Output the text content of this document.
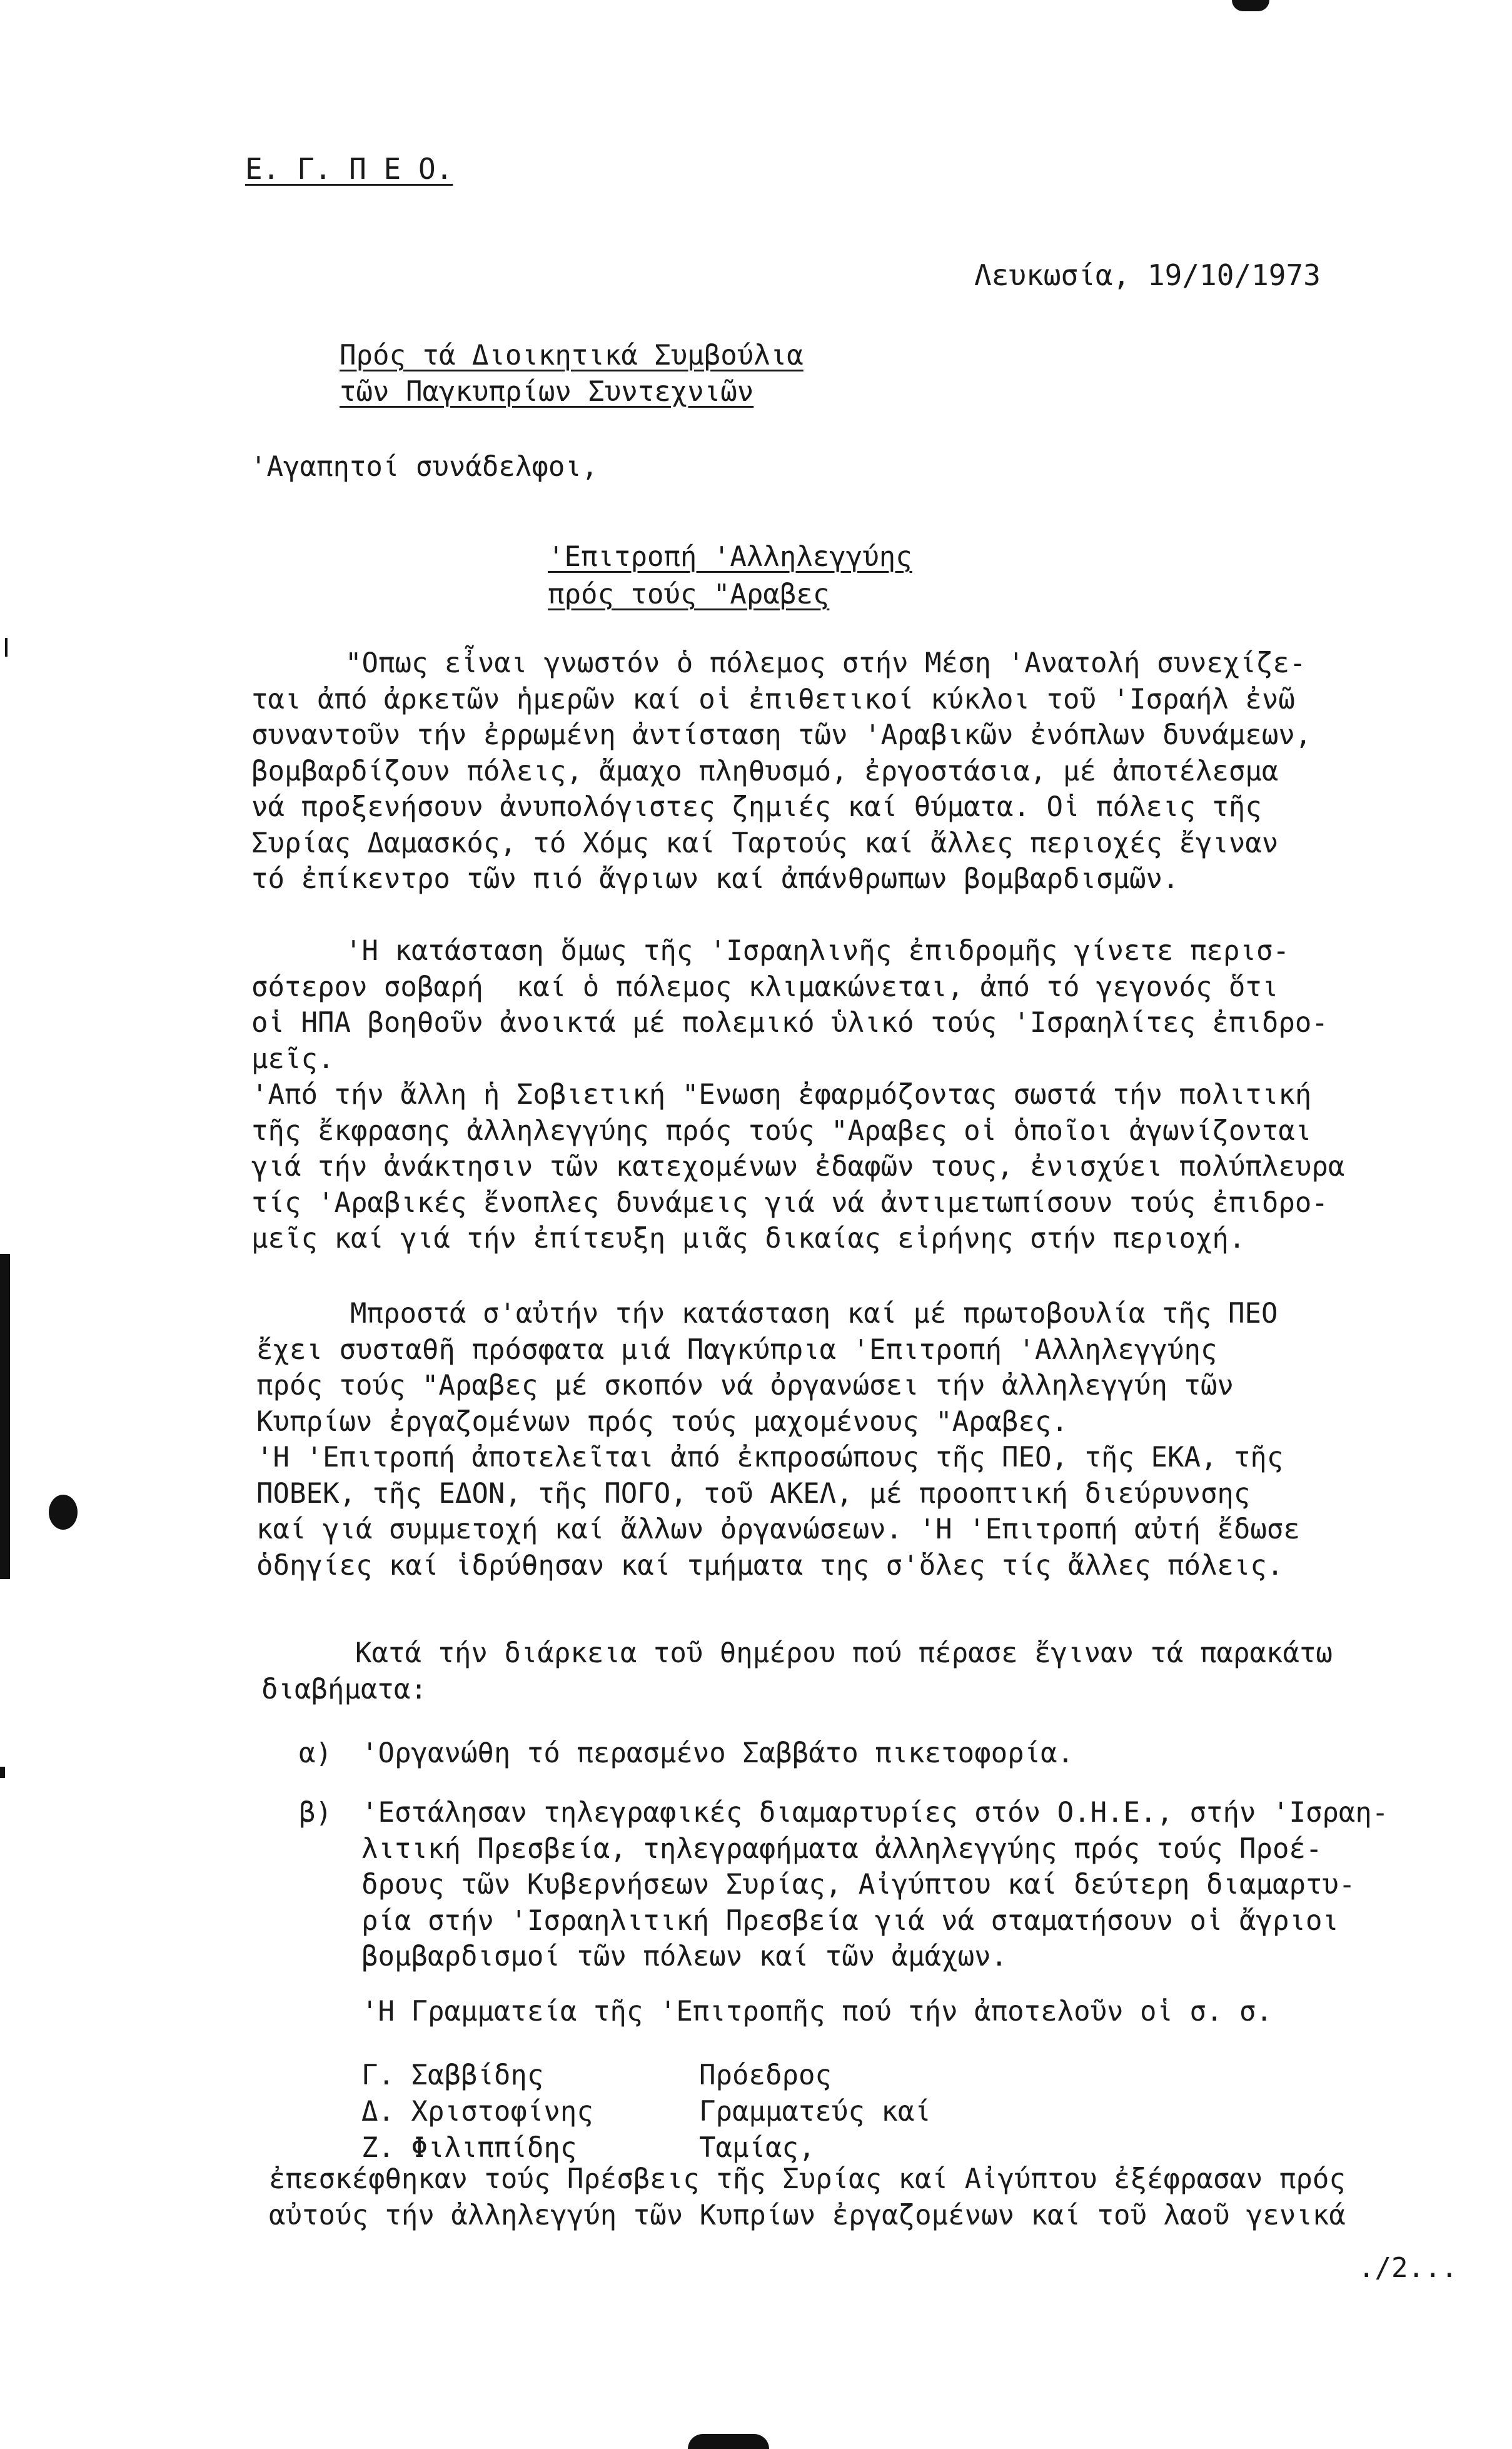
Ε. Γ. Π Ε Ο.
Λευκωσία, 19/10/1973
Πρός τά Διοικητικά Συμβούλια
τῶν Παγκυπρίων Συντεχνιῶν
'Αγαπητοί συνάδελφοι,
'Επιτροπή 'Αλληλεγγύης
πρός τούς "Αραβες
"Οπως εἶναι γνωστόν ὁ πόλεμος στήν Μέση 'Ανατολή συνεχίζε-
ται ἀπό ἀρκετῶν ἡμερῶν καί οἱ ἐπιθετικοί κύκλοι τοῦ 'Ισραήλ ἐνῶ
συναντοῦν τήν ἐρρωμένη ἀντίσταση τῶν 'Αραβικῶν ἐνόπλων δυνάμεων,
βομβαρδίζουν πόλεις, ἄμαχο πληθυσμό, ἐργοστάσια, μέ ἀποτέλεσμα
νά προξενήσουν ἀνυπολόγιστες ζημιές καί θύματα. Οἱ πόλεις τῆς
Συρίας Δαμασκός, τό Χόμς καί Ταρτούς καί ἄλλες περιοχές ἔγιναν
τό ἐπίκεντρο τῶν πιό ἄγριων καί ἀπάνθρωπων βομβαρδισμῶν.
'Η κατάσταση ὅμως τῆς 'Ισραηλινῆς ἐπιδρομῆς γίνετε περισ-
σότερον σοβαρή  καί ὁ πόλεμος κλιμακώνεται, ἀπό τό γεγονός ὅτι
οἱ ΗΠΑ βοηθοῦν ἀνοικτά μέ πολεμικό ὑλικό τούς 'Ισραηλίτες ἐπιδρο-
μεῖς.
'Από τήν ἄλλη ἡ Σοβιετική "Ενωση ἐφαρμόζοντας σωστά τήν πολιτική
τῆς ἔκφρασης ἀλληλεγγύης πρός τούς "Αραβες οἱ ὁποῖοι ἀγωνίζονται
γιά τήν ἀνάκτησιν τῶν κατεχομένων ἐδαφῶν τους, ἐνισχύει πολύπλευρα
τίς 'Αραβικές ἔνοπλες δυνάμεις γιά νά ἀντιμετωπίσουν τούς ἐπιδρο-
μεῖς καί γιά τήν ἐπίτευξη μιᾶς δικαίας εἰρήνης στήν περιοχή.
Μπροστά σ'αὐτήν τήν κατάσταση καί μέ πρωτοβουλία τῆς ΠΕΟ
ἔχει συσταθῆ πρόσφατα μιά Παγκύπρια 'Επιτροπή 'Αλληλεγγύης
πρός τούς "Αραβες μέ σκοπόν νά ὀργανώσει τήν ἀλληλεγγύη τῶν
Κυπρίων ἐργαζομένων πρός τούς μαχομένους "Αραβες.
'Η 'Επιτροπή ἀποτελεῖται ἀπό ἐκπροσώπους τῆς ΠΕΟ, τῆς ΕΚΑ, τῆς
ΠΟΒΕΚ, τῆς ΕΔΟΝ, τῆς ΠΟΓΟ, τοῦ ΑΚΕΛ, μέ προοπτική διεύρυνσης
καί γιά συμμετοχή καί ἄλλων ὀργανώσεων. 'Η 'Επιτροπή αὐτή ἔδωσε
ὁδηγίες καί ἱδρύθησαν καί τμήματα της σ'ὅλες τίς ἄλλες πόλεις.
Κατά τήν διάρκεια τοῦ θημέρου πού πέρασε ἔγιναν τά παρακάτω
διαβήματα:
α) 'Οργανώθη τό περασμένο Σαββάτο πικετοφορία.
β) 'Εστάλησαν τηλεγραφικές διαμαρτυρίες στόν Ο.Η.Ε., στήν 'Ισραη-
λιτική Πρεσβεία, τηλεγραφήματα ἀλληλεγγύης πρός τούς Προέ-
δρους τῶν Κυβερνήσεων Συρίας, Αἰγύπτου καί δεύτερη διαμαρτυ-
ρία στήν 'Ισραηλιτική Πρεσβεία γιά νά σταματήσουν οἱ ἄγριοι
βομβαρδισμοί τῶν πόλεων καί τῶν ἀμάχων.
'Η Γραμματεία τῆς 'Επιτροπῆς πού τήν ἀποτελοῦν οἱ σ. σ.
Γ. Σαββίδης	Πρόεδρος
Δ. Χριστοφίνης	Γραμματεύς καί
Ζ. Φιλιππίδης	Ταμίας,
ἐπεσκέφθηκαν τούς Πρέσβεις τῆς Συρίας καί Αἰγύπτου ἐξέφρασαν πρός
αὐτούς τήν ἀλληλεγγύη τῶν Κυπρίων ἐργαζομένων καί τοῦ λαοῦ γενικά
./2...
